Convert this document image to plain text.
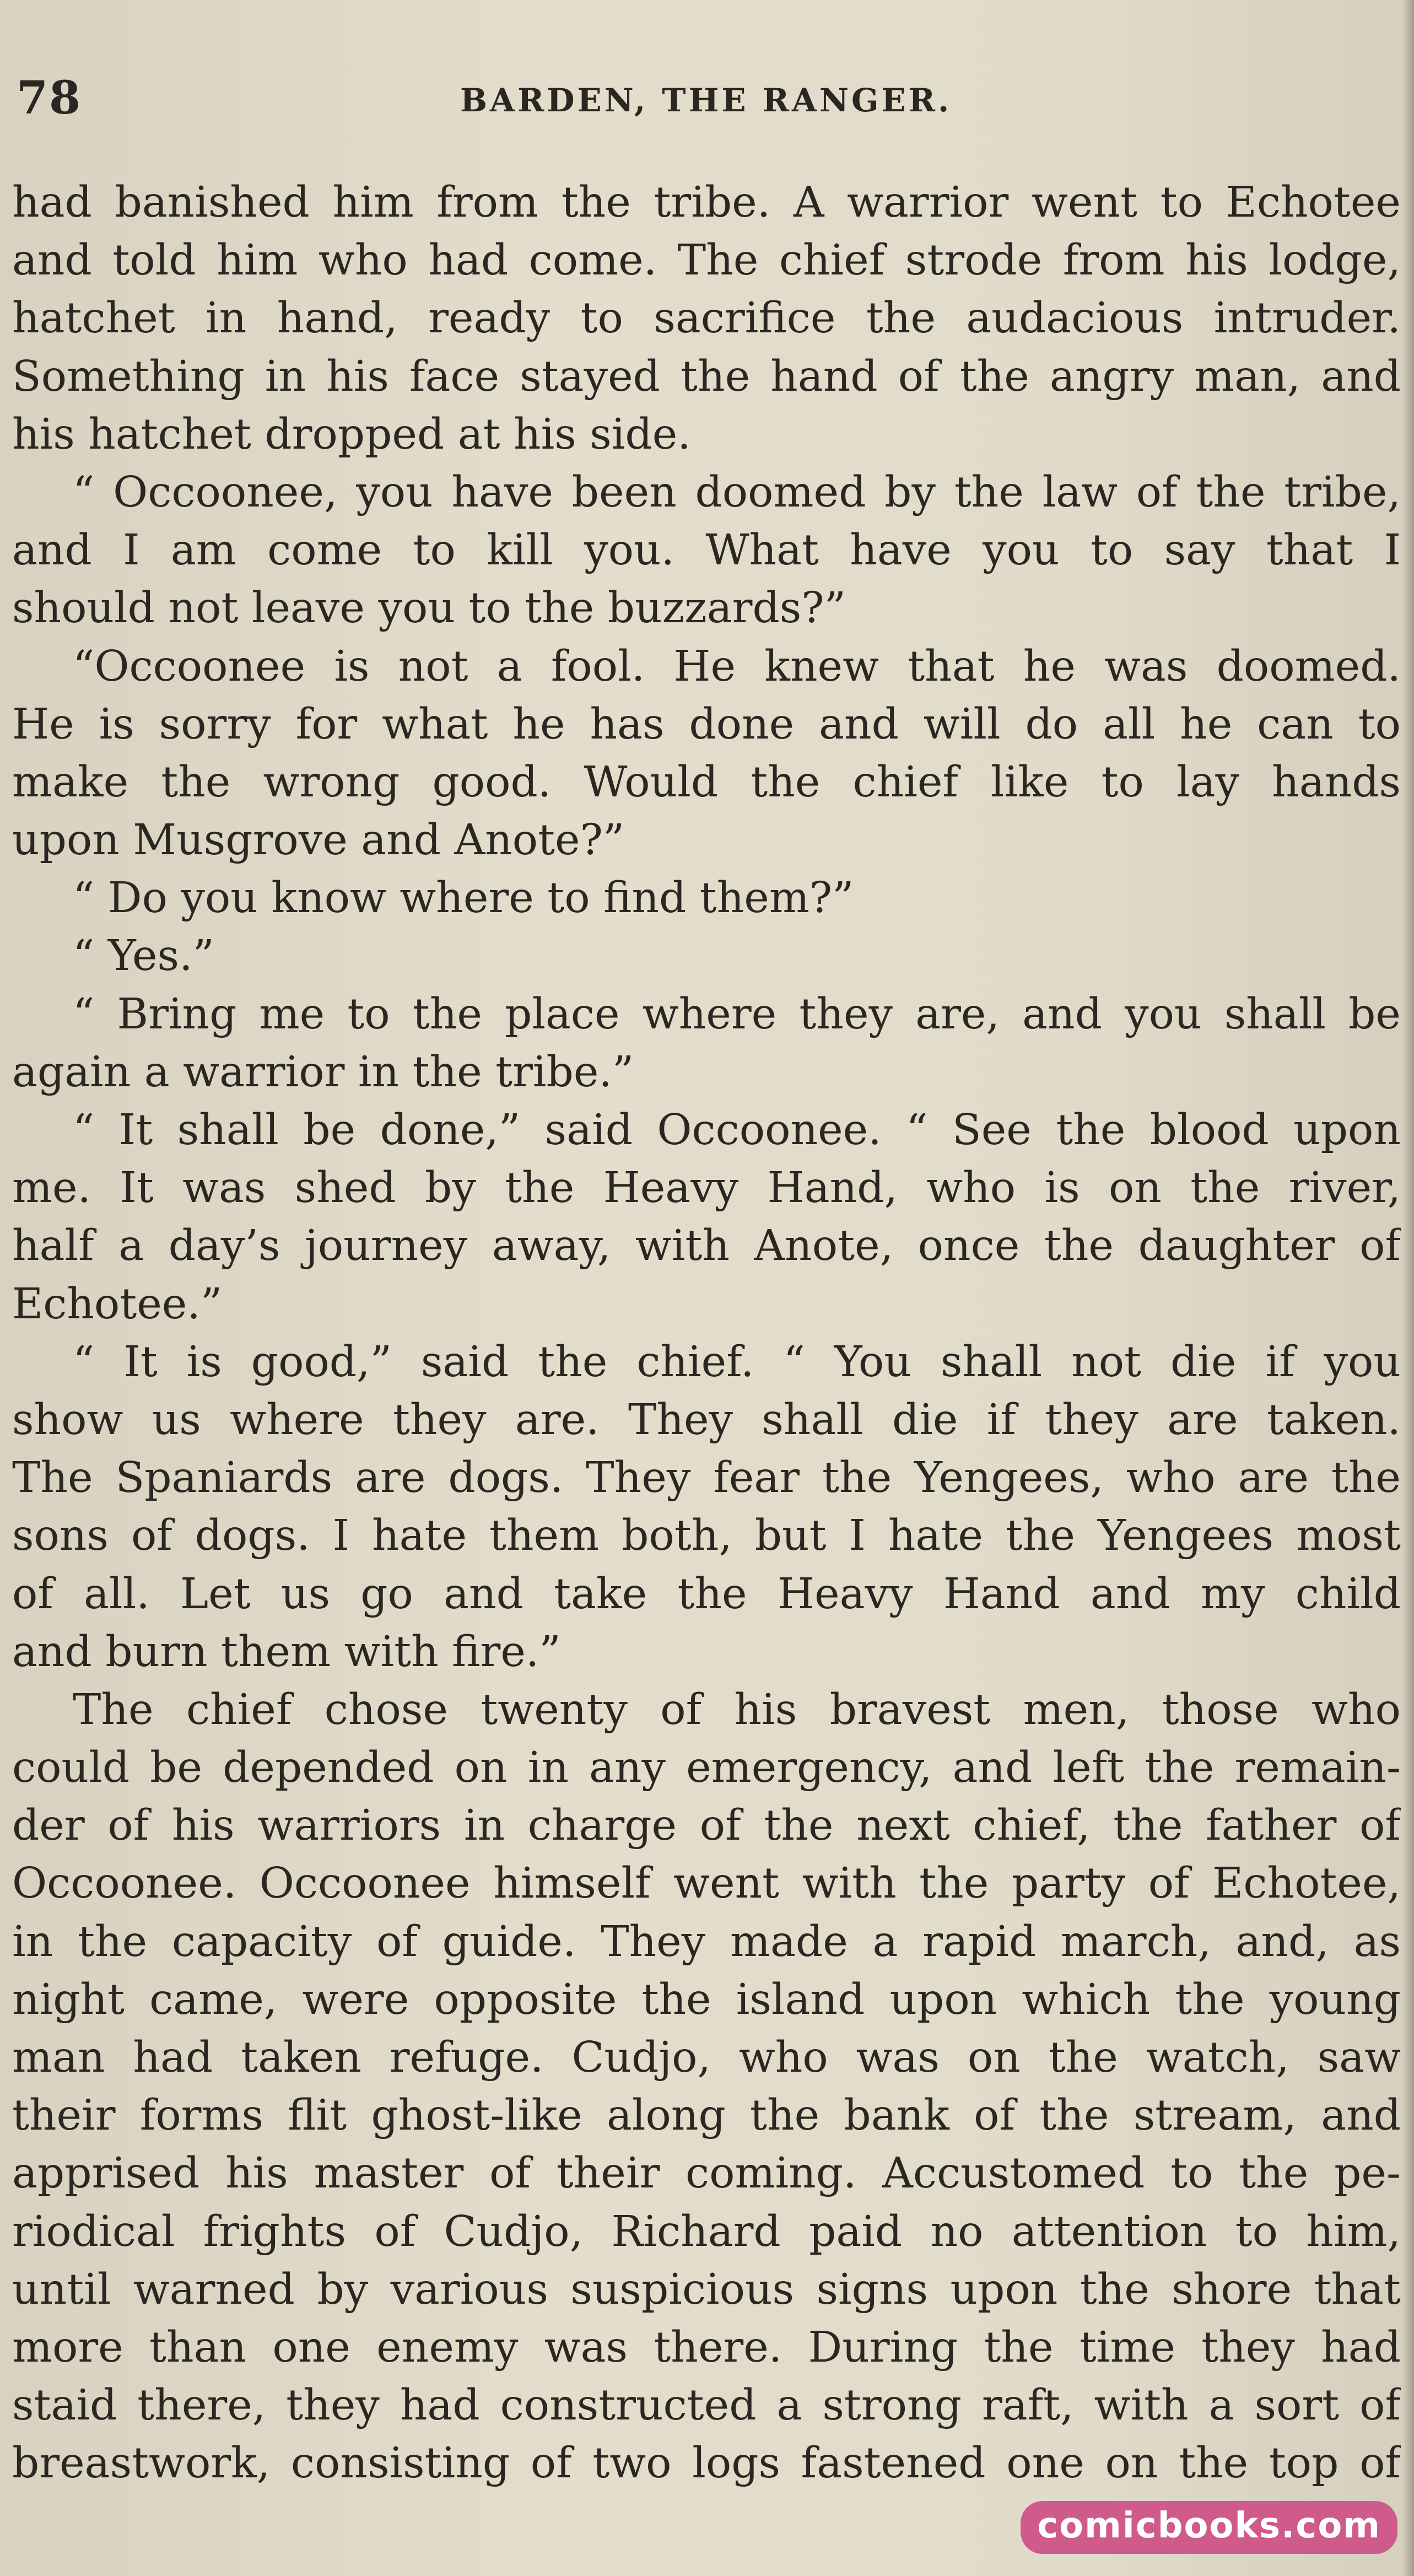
78	BARDEN, THE RANGER.
had banished him from the tribe. A warrior went to Echotee
and told him who had come. The chief strode from his lodge,
hatchet in hand, ready to sacrifice the audacious intruder.
Something in his face stayed the hand of the angry man, and
his hatchet dropped at his side.
“ Occoonee, you have been doomed by the law of the tribe,
and I am come to kill you. What have you to say that I
should not leave you to the buzzards?”
“Occoonee is not a fool. He knew that he was doomed.
He is sorry for what he has done and will do all he can to
make the wrong good. Would the chief like to lay hands
upon Musgrove and Anote?”
“ Do you know where to find them?”
“ Yes.”
“ Bring me to the place where they are, and you shall be
again a warrior in the tribe.”
“ It shall be done,” said Occoonee. “ See the blood upon
me. It was shed by the Heavy Hand, who is on the river,
half a day’s journey away, with Anote, once the daughter of
Echotee.”
“ It is good,” said the chief. “ You shall not die if you
show us where they are. They shall die if they are taken.
The Spaniards are dogs. They fear the Yengees, who are the
sons of dogs. I hate them both, but I hate the Yengees most
of all. Let us go and take the Heavy Hand and my child
and burn them with fire.”
The chief chose twenty of his bravest men, those who
could be depended on in any emergency, and left the remain-
der of his warriors in charge of the next chief, the father of
Occoonee. Occoonee himself went with the party of Echotee,
in the capacity of guide. They made a rapid march, and, as
night came, were opposite the island upon which the young
man had taken refuge. Cudjo, who was on the watch, saw
their forms flit ghost-like along the bank of the stream, and
apprised his master of their coming. Accustomed to the pe-
riodical frights of Cudjo, Richard paid no attention to him,
until warned by various suspicious signs upon the shore that
more than one enemy was there. During the time they had
staid there, they had constructed a strong raft, with a sort of
breastwork, consisting of two logs fastened one on the top of
comicbooks.com
